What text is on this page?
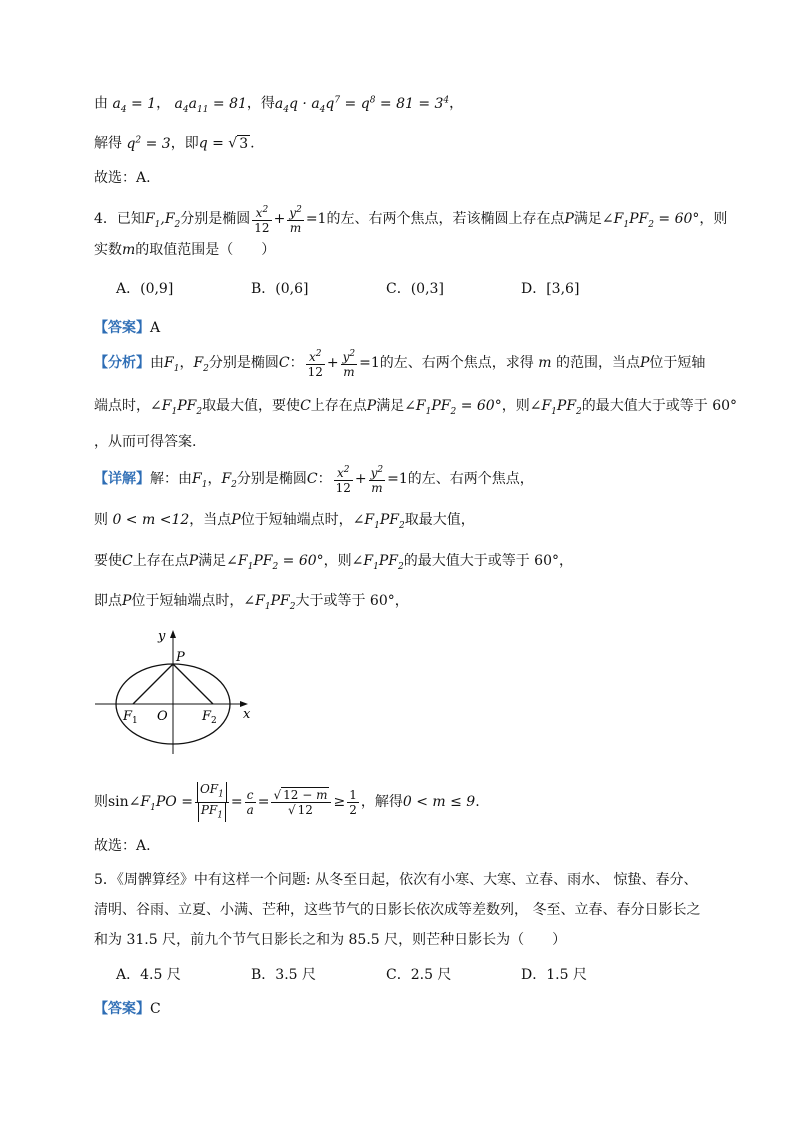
由 $a_4 = 1$， $a_4a_{11} = 81$，得$a_4q \cdot a_4q^7 = q^8 = 81 = 3^4$，
解得 $q^2 = 3$，即q = √ 3 .
故选：A.
4．已知$F_1,F_2$分别是椭圆 $\frac{x^2}{12} + \frac{y^2}{m} =1$的左、右两个焦点，若该椭圆上存在点P满足$\angle F_1PF_2 = 60^\circ$，则
实数m的取值范围是（　　）
A．(0,9]	B．(0,6]	C．(0,3]	D．[3,6]
【答案】A
【分析】由$F_1$，$F_2$分别是椭圆C： $\frac{x^2}{12} + \frac{y^2}{m} =1$的左、右两个焦点，求得 m 的范围，当点P位于短轴
端点时，$\angle F_1PF_2$取最大值，要使C上存在点P满足$\angle F_1PF_2 = 60^\circ$，则$\angle F_1PF_2$的最大值大于或等于 60°
，从而可得答案.
【详解】解：由$F_1$，$F_2$分别是椭圆C： $\frac{x^2}{12} + \frac{y^2}{m} =1$的左、右两个焦点，
则 0 < m <12，当点P位于短轴端点时，$\angle F_1PF_2$取最大值，
要使C上存在点P满足$\angle F_1PF_2 = 60^\circ$，则$\angle F_1PF_2$的最大值大于或等于 60°，
即点P位于短轴端点时，$\angle F_1PF_2$大于或等于 60°，
y
x
P
O
$F_1$	$F_2$
则$\sin\angle F_1PO = \frac{OF_1}{PF_1} = \frac{c}{a} = \frac{√ 12 - m}{√ 12} \ge \frac{1}{2}$ ，解得0 < m ≤ 9.
故选：A.
5．《周髀算经》中有这样一个问题: 从冬至日起，依次有小寒、大寒、立春、雨水、 惊蛰、春分、
清明、谷雨、立夏、小满、芒种，这些节气的日影长依次成等差数列， 冬至、立春、春分日影长之
和为 31.5 尺，前九个节气日影长之和为 85.5 尺，则芒种日影长为（　　）
A．4.5 尺	B．3.5 尺	C．2.5 尺	D．1.5 尺
【答案】C
